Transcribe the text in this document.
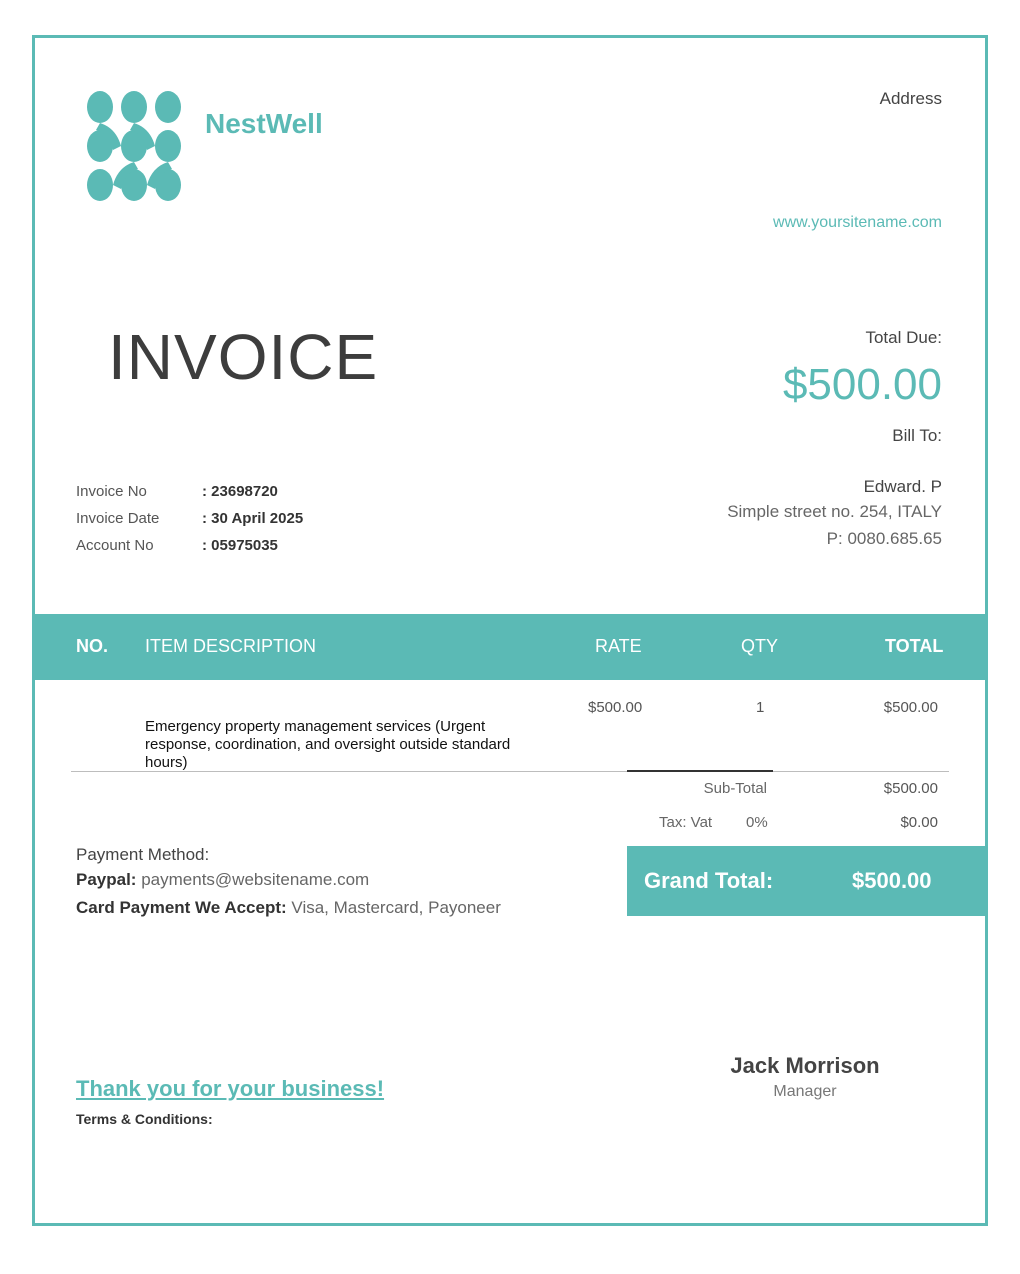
NestWell
Address
www.yoursitename.com
INVOICE	Total Due:
$500.00
Bill To:
Edward. P
Simple street no. 254, ITALY
P: 0080.685.65
Invoice No	: 23698720
Invoice Date	: 30 April 2025
Account No	: 05975035
NO. ITEM DESCRIPTION	RATE	QTY	TOTAL
$500.00	1	$500.00
Emergency property management services (Urgent response, coordination, and oversight outside standard hours)
Sub-Total	$500.00
Tax: Vat 0%	$0.00
Grand Total:	$500.00
Payment Method:
Paypal: payments@websitename.com
Card Payment We Accept: Visa, Mastercard, Payoneer
Thank you for your business!
Terms & Conditions:
Jack Morrison
Manager
